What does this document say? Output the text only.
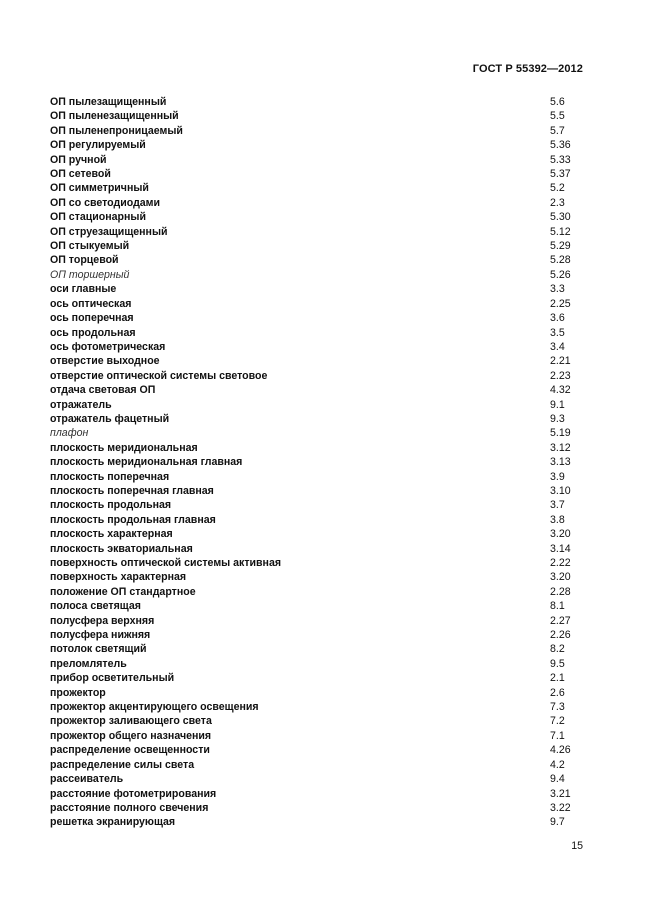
ГОСТ Р 55392—2012
ОП пылезащищенный	5.6
ОП пыленезащищенный	5.5
ОП пыленепроницаемый	5.7
ОП регулируемый	5.36
ОП ручной	5.33
ОП сетевой	5.37
ОП симметричный	5.2
ОП со светодиодами	2.3
ОП стационарный	5.30
ОП струезащищенный	5.12
ОП стыкуемый	5.29
ОП торцевой	5.28
ОП торшерный	5.26
оси главные	3.3
ось оптическая	2.25
ось поперечная	3.6
ось продольная	3.5
ось фотометрическая	3.4
отверстие выходное	2.21
отверстие оптической системы световое	2.23
отдача световая ОП	4.32
отражатель	9.1
отражатель фацетный	9.3
плафон	5.19
плоскость меридиональная	3.12
плоскость меридиональная главная	3.13
плоскость поперечная	3.9
плоскость поперечная главная	3.10
плоскость продольная	3.7
плоскость продольная главная	3.8
плоскость характерная	3.20
плоскость экваториальная	3.14
поверхность оптической системы активная	2.22
поверхность характерная	3.20
положение ОП стандартное	2.28
полоса светящая	8.1
полусфера верхняя	2.27
полусфера нижняя	2.26
потолок светящий	8.2
преломлятель	9.5
прибор осветительный	2.1
прожектор	2.6
прожектор акцентирующего освещения	7.3
прожектор заливающего света	7.2
прожектор общего назначения	7.1
распределение освещенности	4.26
распределение силы света	4.2
рассеиватель	9.4
расстояние фотометрирования	3.21
расстояние полного свечения	3.22
решетка экранирующая	9.7
15
